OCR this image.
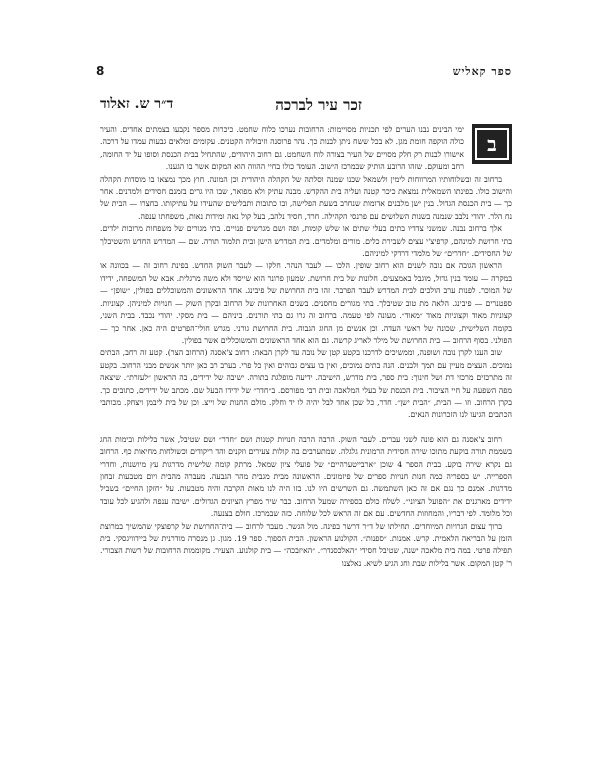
ספר קאליש
8
זכר עיר לברכה
ד״ר ש. זאלוד
ב

ימי הבינים נבנו הערים לפי תכניות מסויימות: הרחובות נערכו כלוח שחמט. כיכרות מספר נקבעו בצמתים אחדים. והעיר כולה הוקפה חומת מגן. לא בכל ששח ניתן לבנות כך. נהר פרוסנה וזיבוליה הקטנים. עקומים ומלאים גבעות עמדו על דרכה. אישורו לבנות רק חלק מסויים של העיר בצורה לוח השחמט. גם רחוב היהודים, שהתחיל בבית הכנסת וסופו על יד החומה, רחב ומעוקם. שזהו הרובע הותיק שבמרכז הישוב. העומד כולו בחיי ההווה הוא המקום אשר בו הגענו.

ברחוב זה ובשלוחותיו המרווחות לימין ולשמאל שכנו שמנה וסלתה של הקהלה היהודית וכן המונה. חוץ מכך נמצאו בו מוסדות הקהלה והישוב כולו. בפינתו השמאלית נמצאת כיכר קטנה ועליה בית ההקדש. מבנה עתיק ולא מפואר, שבו היו גרים בזמנם חסידים ולמדנים. אחר כך — בית הכנסת הגדול. בנין ישן מלבנים אדומות שנחרב בשעת הפלישה, ובו כתובות ותבליטים שהעידו על עתיקותו. בחצרו — הבית של נח הלר. יהודי נלבב שנמנה בשנות השלושים עם פרנסי הקהילה. חרד, חסיד נלהב, בעל קול נאה ומידות נאות, משפחתו ענפה.

אלך ברחוב נבנה. שמשני צדדיו בתים בעלי שתים או שלש קומות, ופה ושם מגרשים פנויים. בתי מגורים של משפחות מרובות ילדים. בתי חרושת למינהם, קרפיצ'י עצים לשבירת כלים. מורים ומלמדים. בית המדרש הישן ובית תלמוד תורה. שם — המדרש החדש והשטיבלך של החסידים. ״חדרים״ של מלמדי דרדקי למיניהם.

הראשון הגובה אם נובה לשנים הוא רחוב שופין. הלכו — לעבר הנהר. חלקו — לעבר השוק החדש. בפינת רחוב זה — בכוונה או במקרה — עומד בנין גדול, מוגבל באמצעים. חלונות של בית חרושת. שמעון פרונר הוא שייסד ולא משה מרגלית. אבא של המשפחה, ידידו של המוכר. לפנות ערב הולכים לבית המדרש לעבר הפרבר. זהו בית החרושת של פיבינג. אחד הראשונים והמשוכללים בפולין, ״שופן״ — ספטנרים — פיבינג. הלאה מת טוב שטיבלך. בתי מגורים מחסנים. בשנים האחרונות של הרחוב ובקרן השוק — חנויות למיניהן. קצוניות. קצוניות מאוד וקצוניות מאוד ״מאוד״. מעונה לפי טעמה. ברחוב זה גרו גם בתי תורנים. ביניהם — בית מסקי. יהודי נכבד. בבית השני, בקומה השלישית, שכונה של ראשי העדה. וכן אנשים מן החוג הגבוה. בית החרושת גורני. מגרש חולי־הפרטים היה כאן. אחר כך — הפולני. בסוף הרחוב — בית החרושת של מילר לאריג קרשה. גם הוא אחד הראשונים והמשוכללים אשר בפולין.

שוב הענו לקרן נובה ושופנה, וממשיכים לדרכנו בקטע קטן של נובה עד לקרן הבאה: רחוב צ'אסנה (הרחוב הצר). קטע זה רחב, הבתים נמוכים. העצים מעיין עם תמך ולבנים. הנה בתים נמוכים, ואין בו עצים גבוהים ואין כל פרי. בערב רב כאן יותר אנשים מבני הרחוב. בקטע זה מתרכזים מרכזי דת ושל חינוך: בית ספר, בית מדרש, הישיבה. ידיעה מופלגת בתורה. ישיבה של ידידים, בה הראשון ״לעזרת״. שיצאה מפה השפעה על חיי הציבור. בית הכנסת של בעלי המלאכה ובית רבי מפורסם. ב״חדר״ של ידידו הבעל שם. מכתב של ידידים, כתובים כך. בקרן הרחוב. וזו — הבית, ״הבית ישן״. חדר, כל שכן אחד לבל יהיה לו יד וחלק. מולם החנות של וייצ. וכן של בית ליבמן ויצחק. מכותבי הכתבים הגיעו לנו הזכרונות הנאים.

רחוב צ'אסנה גם הוא פונה לשני עברים. לעבר השוק. הרבה הרבה חנויות קטנות ושם ״חדר״ ושם שטיבל, אשר בלילות ובימות החג בשממת תורה בוקעת מתוכו שירה חסידית הרמונית גלגלה. שמתערבים בה קולות צעירים וזקנים והד ריקודים וכשולחות מחיאות כף. הרחוב גם נקרא שירה בוקע. בבית הספר 4 שוכן ״ארבייטערהיים״ של פועלי ציון שמאל. מרתק קומה שלישית מדרגות עץ מיושנות, וחדרי הספרייה. יש בספריה כמה חנות חנויות ספרים של פיזמונים. הראשונה מבית מגבית מהר הגבעה. מעברה מהבית ויום מטבעות זבחון מדרגות. אמנם כך נגם אם זה כאן השתמשה. גם השרשים היו לנו. בזו היה לנו מאות הקרבה והיה מטבעות. על ״חזקן החיים״ בשביל ידידים מארגנים את ״הפועל הציוני״. לשלח כולם בספירה שמעל הרחוב. כבר שיר מפרץ הציונים הגדולים. ישיבה ענפה ולהגיע לכל עובד וכל מלומד. לפי דבריו, והמחוזות החדשים. עם אם זה הראש לכל שלוחה. כזה שבמרכז. חולם בצנעה.

ברוך עצום הנרויות המיוחדים. תחילתו של ד״ר דרשר בפינה. מול הגשר. מעבר לרחוב — בית־החרושת של קרפוצקי שהמשיך במרוצת הזמן על הבריאה הלאמית. קרש. אמנות. ״ספנות״. הקולנוע הראשון. הבית הספוך. ספר 19. מגון. גן מנסרה מודרנית של ביידוויגסקי. בית תפילה פרטי. במה בית מלאכה ישנה, שטיבל חסידי ״האלכסנדר״. ״האיזבכה״ — בית קולנוע. הצעיר. מקוממות הרחובות של רשות הצבורי. ר' קטן המקום. אשר בלילות שבת וחג הגיע לשיא. נאלצנו
